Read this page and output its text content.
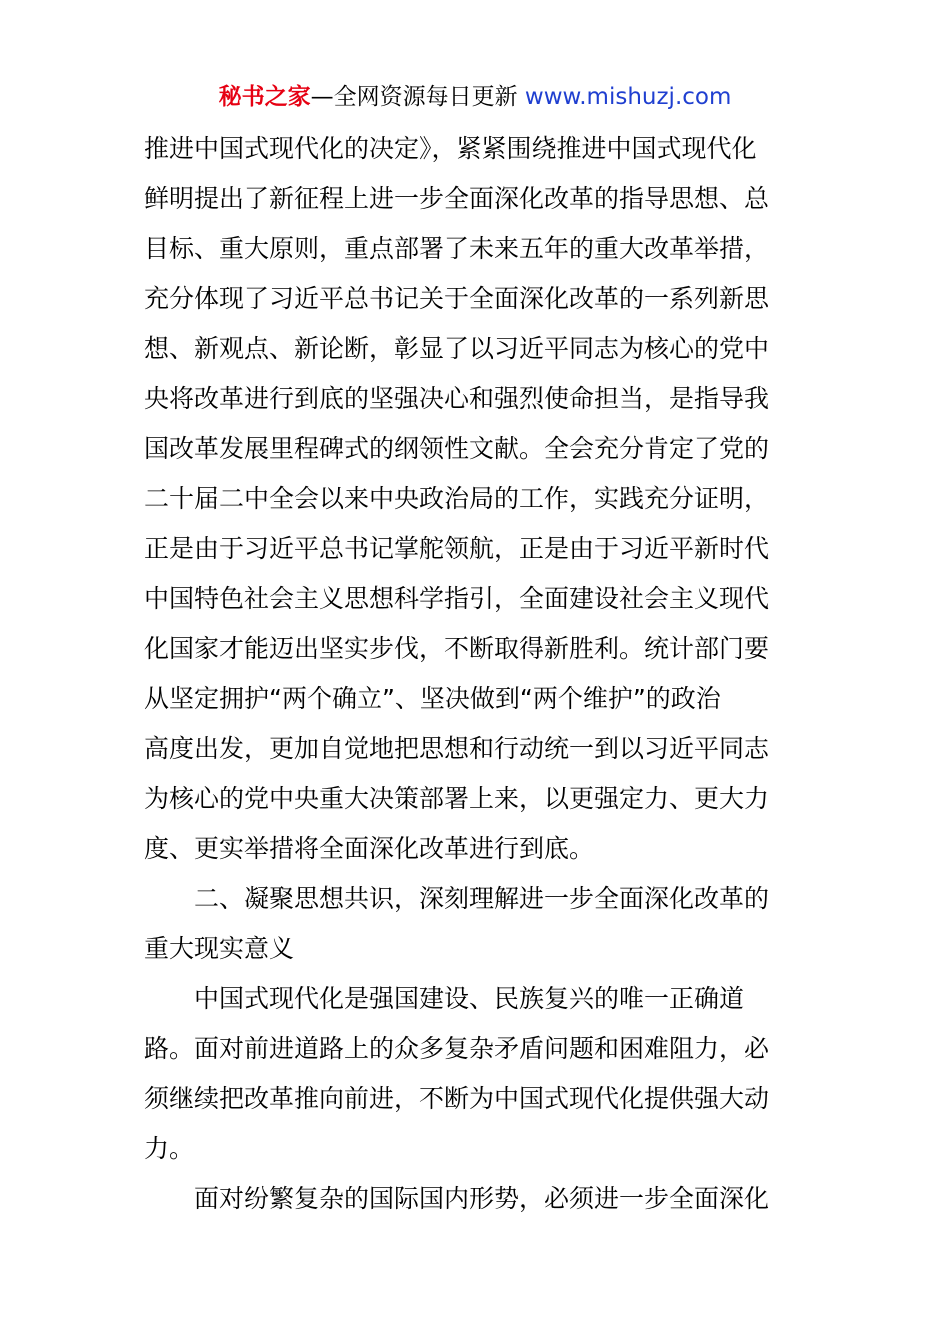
秘书之家—全网资源每日更新 www.mishuzj.com
推进中国式现代化的决定》，紧紧围绕推进中国式现代化
鲜明提出了新征程上进一步全面深化改革的指导思想、总
目标、重大原则，重点部署了未来五年的重大改革举措，
充分体现了习近平总书记关于全面深化改革的一系列新思
想、新观点、新论断，彰显了以习近平同志为核心的党中
央将改革进行到底的坚强决心和强烈使命担当，是指导我
国改革发展里程碑式的纲领性文献。全会充分肯定了党的
二十届二中全会以来中央政治局的工作，实践充分证明，
正是由于习近平总书记掌舵领航，正是由于习近平新时代
中国特色社会主义思想科学指引，全面建设社会主义现代
化国家才能迈出坚实步伐，不断取得新胜利。统计部门要
从坚定拥护“两个确立”、坚决做到“两个维护”的政治
高度出发，更加自觉地把思想和行动统一到以习近平同志
为核心的党中央重大决策部署上来，以更强定力、更大力
度、更实举措将全面深化改革进行到底。
二、凝聚思想共识，深刻理解进一步全面深化改革的
重大现实意义
中国式现代化是强国建设、民族复兴的唯一正确道
路。面对前进道路上的众多复杂矛盾问题和困难阻力，必
须继续把改革推向前进，不断为中国式现代化提供强大动
力。
面对纷繁复杂的国际国内形势，必须进一步全面深化
